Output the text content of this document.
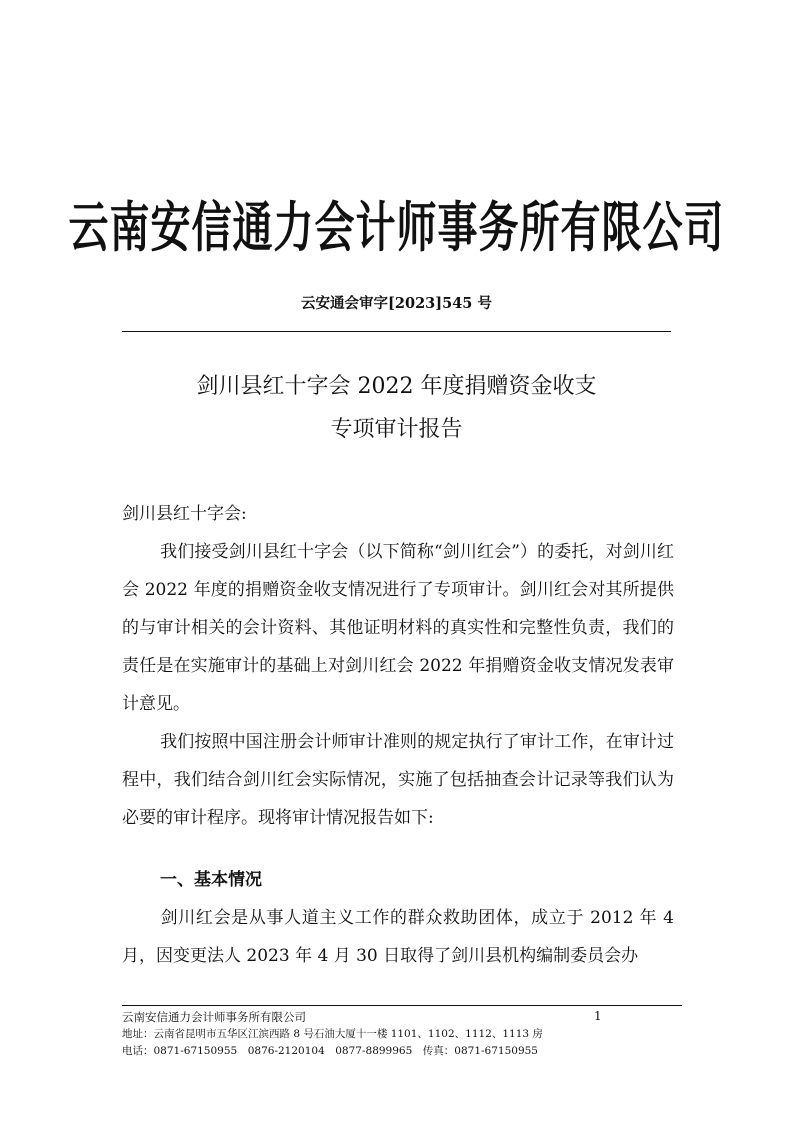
云南安信通力会计师事务所有限公司
云安通会审字[2023]545 号
剑川县红十字会 2022 年度捐赠资金收支
专项审计报告
剑川县红十字会:
我们接受剑川县红十字会（以下简称“剑川红会”）的委托，对剑川红会 2022 年度的捐赠资金收支情况进行了专项审计。剑川红会对其所提供的与审计相关的会计资料、其他证明材料的真实性和完整性负责，我们的责任是在实施审计的基础上对剑川红会 2022 年捐赠资金收支情况发表审计意见。
我们按照中国注册会计师审计准则的规定执行了审计工作，在审计过程中，我们结合剑川红会实际情况，实施了包括抽查会计记录等我们认为必要的审计程序。现将审计情况报告如下:
一、基本情况
剑川红会是从事人道主义工作的群众救助团体，成立于 2012 年 4 月，因变更法人 2023 年 4 月 30 日取得了剑川县机构编制委员会办
云南安信通力会计师事务所有限公司	1
地址：云南省昆明市五华区江滨西路 8 号石油大厦十一楼 1101、1102、1112、1113 房
电话：0871-67150955　0876-2120104　0877-8899965　传真：0871-67150955
